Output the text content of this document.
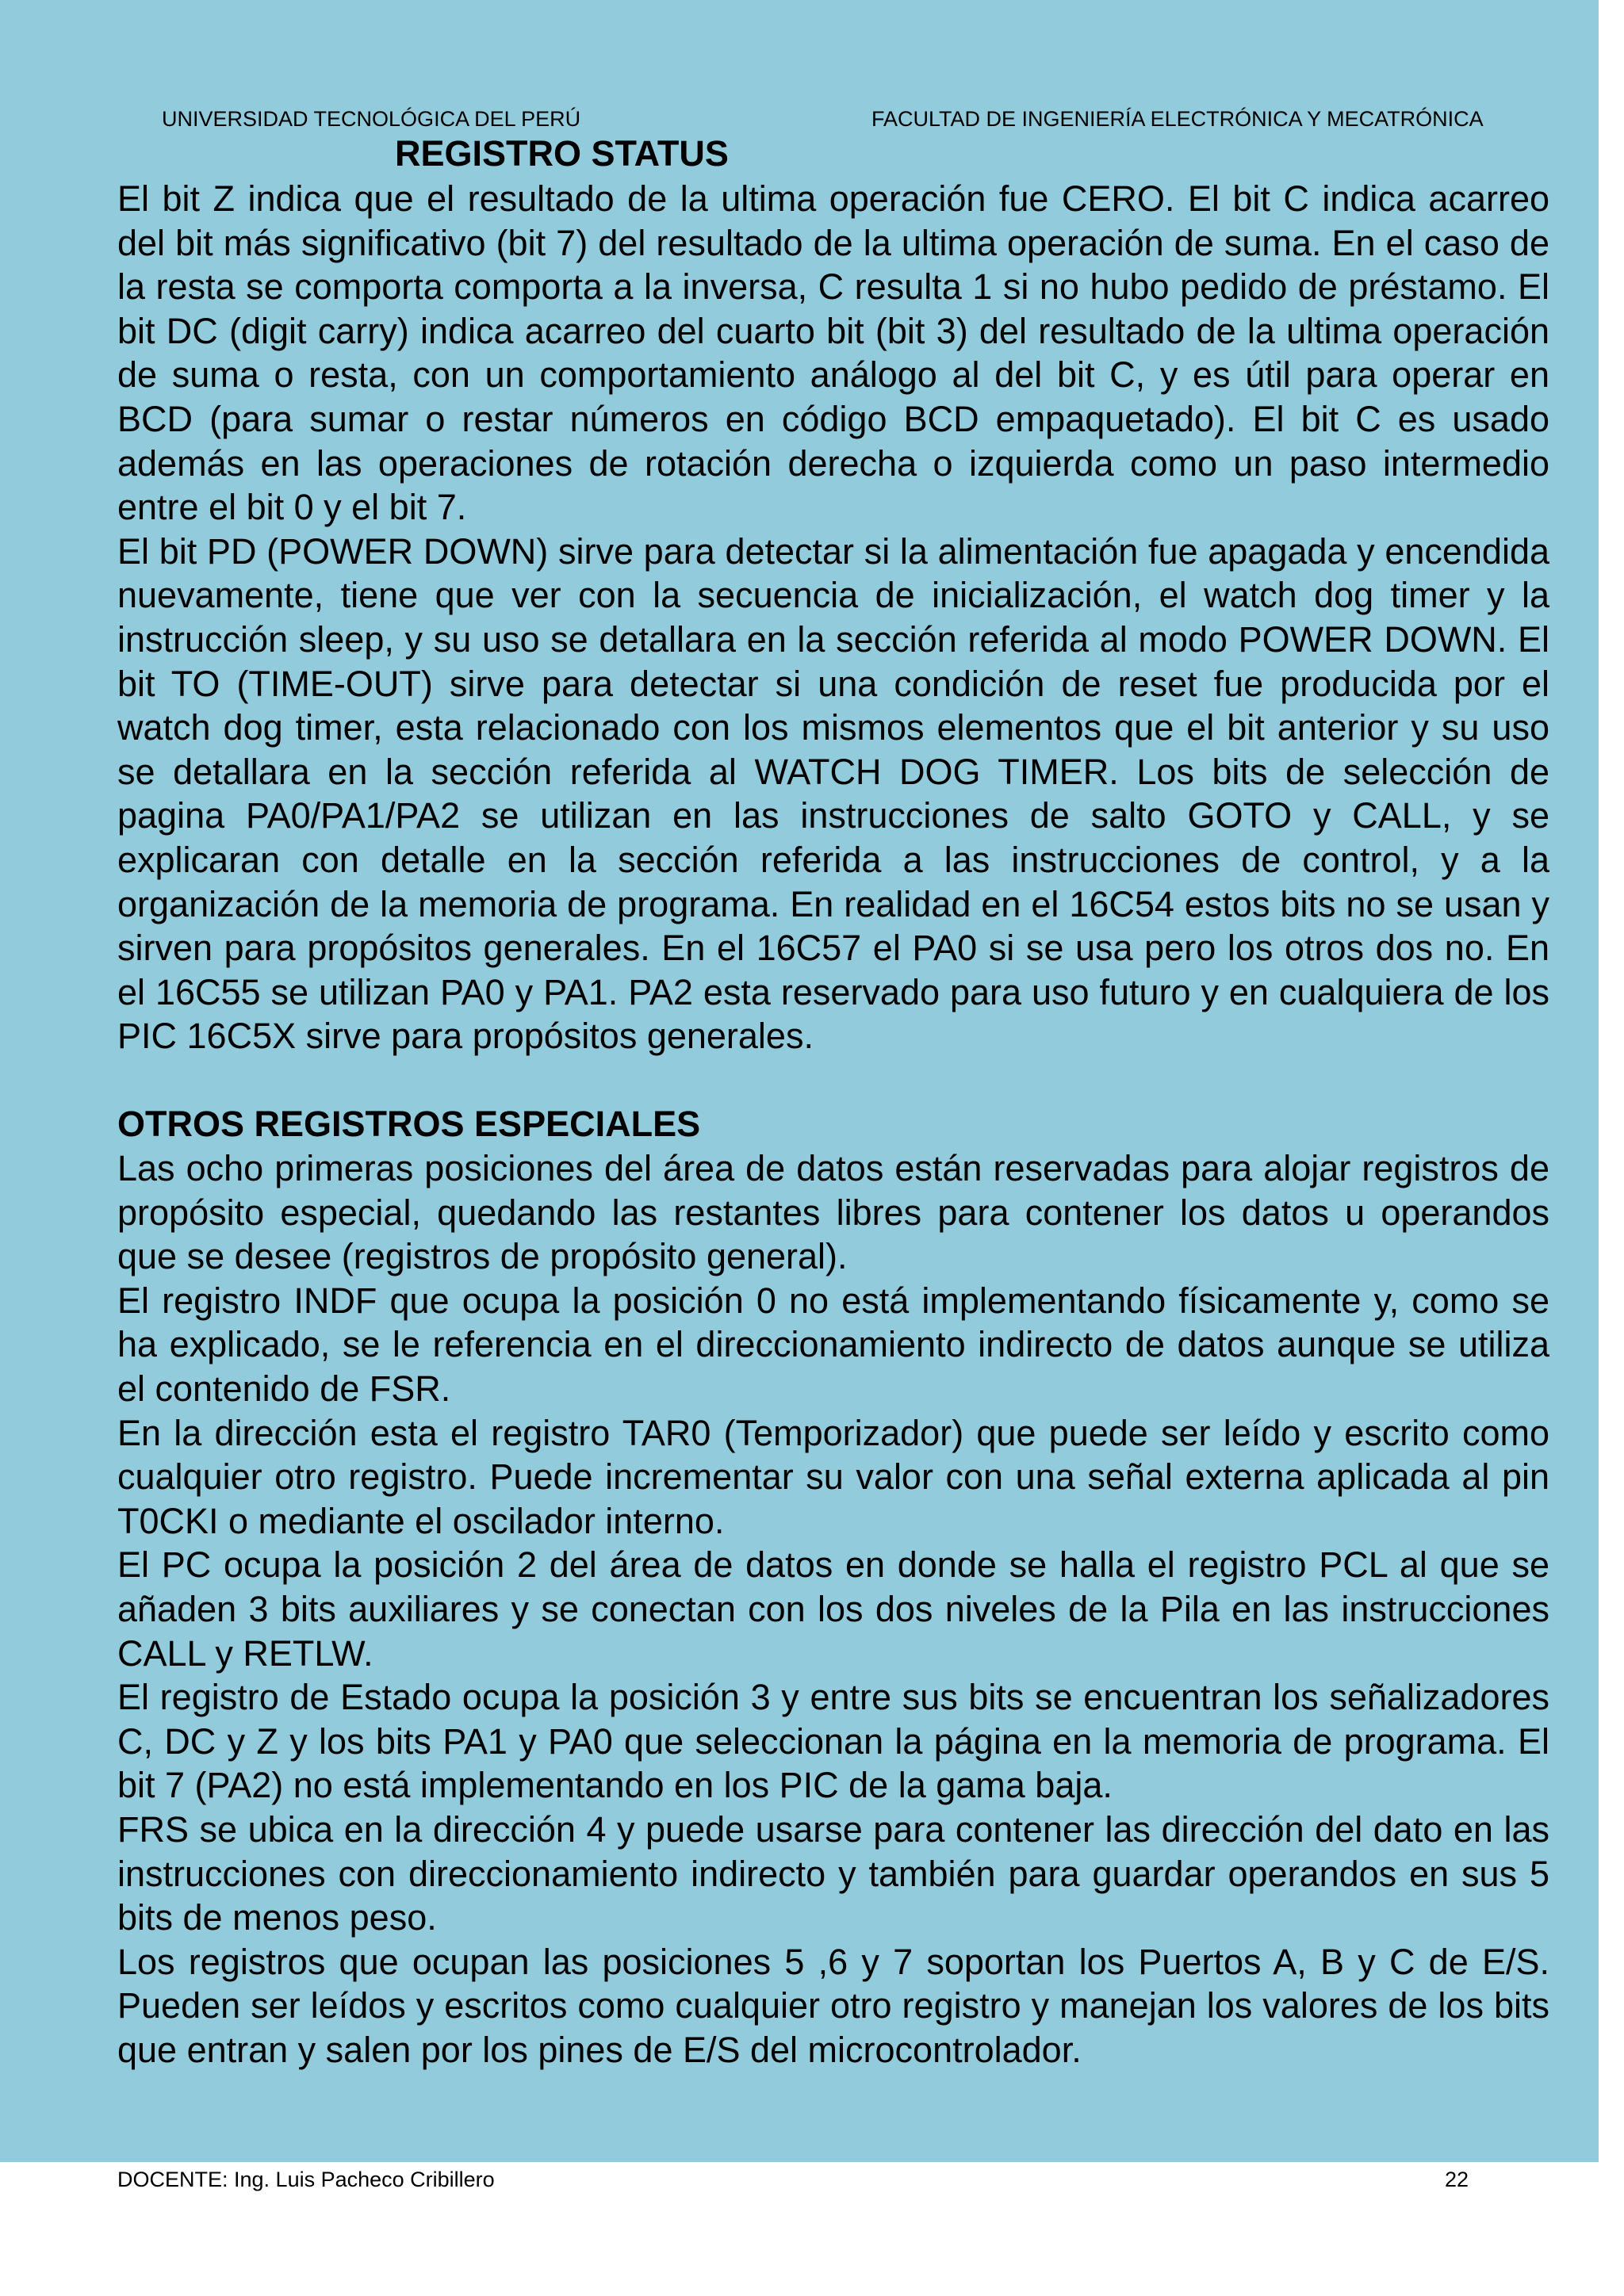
UNIVERSIDAD TECNOLÓGICA DEL PERÚ	FACULTAD DE INGENIERÍA ELECTRÓNICA Y MECATRÓNICA
REGISTRO STATUS

El bit Z indica que el resultado de la ultima operación fue CERO. El bit C indica acarreo del bit más significativo (bit 7) del resultado de la ultima operación de suma. En el caso de la resta se comporta comporta a la inversa, C resulta 1 si no hubo pedido de préstamo. El bit DC (digit carry) indica acarreo del cuarto bit (bit 3) del resultado de la ultima operación de suma o resta, con un comportamiento análogo al del bit C, y es útil para operar en BCD (para sumar o restar números en código BCD empaquetado). El bit C es usado además en las operaciones de rotación derecha o izquierda como un paso intermedio entre el bit 0 y el bit 7.

El bit PD (POWER DOWN) sirve para detectar si la alimentación fue apagada y encendida nuevamente, tiene que ver con la secuencia de inicialización, el watch dog timer y la instrucción sleep, y su uso se detallara en la sección referida al modo POWER DOWN. El bit TO (TIME-OUT) sirve para detectar si una condición de reset fue producida por el watch dog timer, esta relacionado con los mismos elementos que el bit anterior y su uso se detallara en la sección referida al WATCH DOG TIMER. Los bits de selección de pagina PA0/PA1/PA2 se utilizan en las instrucciones de salto GOTO y CALL, y se explicaran con detalle en la sección referida a las instrucciones de control, y a la organización de la memoria de programa. En realidad en el 16C54 estos bits no se usan y sirven para propósitos generales. En el 16C57 el PA0 si se usa pero los otros dos no. En el 16C55 se utilizan PA0 y PA1. PA2 esta reservado para uso futuro y en cualquiera de los PIC 16C5X sirve para propósitos generales.

OTROS REGISTROS ESPECIALES

Las ocho primeras posiciones del área de datos están reservadas para alojar registros de propósito especial, quedando las restantes libres para contener los datos u operandos que se desee (registros de propósito general).

El registro INDF que ocupa la posición 0 no está implementando físicamente y, como se ha explicado, se le referencia en el direccionamiento indirecto de datos aunque se utiliza el contenido de FSR.

En la dirección esta el registro TAR0 (Temporizador) que puede ser leído y escrito como cualquier otro registro. Puede incrementar su valor con una señal externa aplicada al pin T0CKI o mediante el oscilador interno.

El PC ocupa la posición 2 del área de datos en donde se halla el registro PCL al que se añaden 3 bits auxiliares y se conectan con los dos niveles de la Pila en las instrucciones CALL y RETLW.

El registro de Estado ocupa la posición 3 y entre sus bits se encuentran los señalizadores C, DC y Z y los bits PA1 y PA0 que seleccionan la página en la memoria de programa. El bit 7 (PA2) no está implementando en los PIC de la gama baja.

FRS se ubica en la dirección 4 y puede usarse para contener las dirección del dato en las instrucciones con direccionamiento indirecto y también para guardar operandos en sus 5 bits de menos peso.

Los registros que ocupan las posiciones 5 ,6 y 7 soportan los Puertos A, B y C de E/S. Pueden ser leídos y escritos como cualquier otro registro y manejan los valores de los bits que entran y salen por los pines de E/S del microcontrolador.

DOCENTE: Ing. Luis Pacheco Cribillero	22
